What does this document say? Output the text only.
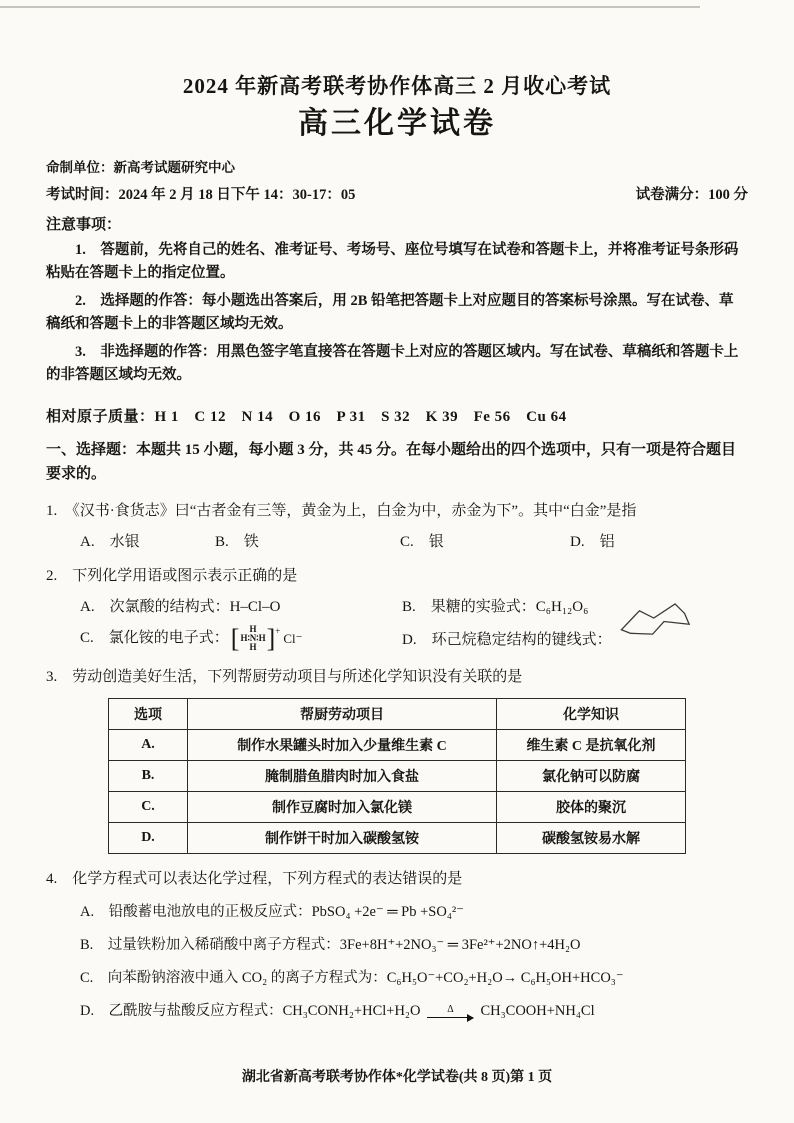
2024 年新高考联考协作体高三 2 月收心考试

高三化学试卷

命制单位：新高考试题研究中心

考试时间：2024 年 2 月 18 日下午 14：30-17：05	试卷满分：100 分

注意事项：

1.　答题前，先将自己的姓名、准考证号、考场号、座位号填写在试卷和答题卡上，并将准考证号条形码粘贴在答题卡上的指定位置。

2.　选择题的作答：每小题选出答案后，用 2B 铅笔把答题卡上对应题目的答案标号涂黑。写在试卷、草稿纸和答题卡上的非答题区域均无效。

3.　非选择题的作答：用黑色签字笔直接答在答题卡上对应的答题区域内。写在试卷、草稿纸和答题卡上的非答题区域均无效。

相对原子质量：H 1　C 12　N 14　O 16　P 31　S 32　K 39　Fe 56　Cu 64

一、选择题：本题共 15 小题，每小题 3 分，共 45 分。在每小题给出的四个选项中，只有一项是符合题目要求的。

1.　《汉书·食货志》曰“古者金有三等，黄金为上，白金为中，赤金为下”。其中“白金”是指

A.　水银	B.　铁	C.　银	D.　铝

2.　下列化学用语或图示表示正确的是

A.　次氯酸的结构式：H–Cl–O	B.　果糖的实验式：C₆H₁₂O₆
C.　氯化铵的电子式： [ H
H∶N∶H
H ] + Cl⁻	D.　环己烷稳定结构的键线式：

3.　劳动创造美好生活，下列帮厨劳动项目与所述化学知识没有关联的是

选项	帮厨劳动项目	化学知识
A.	制作水果罐头时加入少量维生素 C	维生素 C 是抗氧化剂
B.	腌制腊鱼腊肉时加入食盐	氯化钠可以防腐
C.	制作豆腐时加入氯化镁	胶体的聚沉
D.	制作饼干时加入碳酸氢铵	碳酸氢铵易水解

4.　化学方程式可以表达化学过程，下列方程式的表达错误的是

A.　铅酸蓄电池放电的正极反应式：PbSO₄ +2e⁻ ═ Pb +SO₄²⁻

B.　过量铁粉加入稀硝酸中离子方程式：3Fe+8H⁺+2NO₃⁻ ═ 3Fe²⁺+2NO↑+4H₂O

C.　向苯酚钠溶液中通入 CO₂ 的离子方程式为：C₆H₅O⁻+CO₂+H₂O→ C₆H₅OH+HCO₃⁻

D.　乙酰胺与盐酸反应方程式：CH₃CONH₂+HCl+H₂O	Δ CH₃COOH+NH₄Cl

湖北省新高考联考协作体*化学试卷(共 8 页)第 1 页
